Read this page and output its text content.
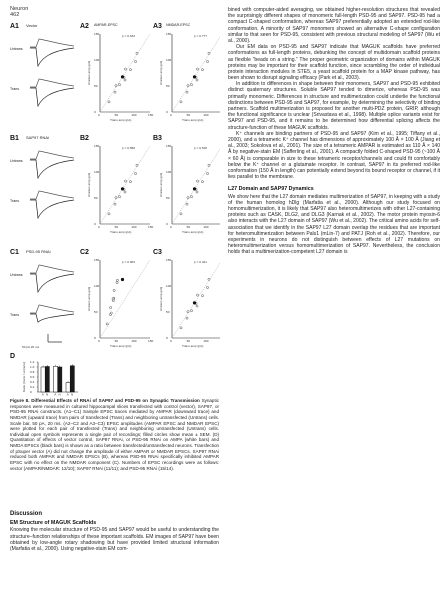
Neuron
462
A1 Vector	A2	A3
AMPAR-EPSC	NMDAR-EPSC
Untrans
Trans
0
0
50
50
100
100
150
150
Trans amp (pA)
Untrans amp (pA)
p = 0.182
0
0
50
50
100
100
150
Trans amp (pA)
Untrans amp (pA)
p = 0.777
B1 SAP97 RNAi	B2	B3
Untrans
Trans
0
0
50
50
100
100
150
150
Trans amp (pA)
Untrans amp (pA)
p = 0.558
0
0
50
50
100
100
150
Trans amp (pA)
Untrans amp (pA)
p = 0.518
C1 PSD-95 RNAi	C2	C3
Untrans
Trans
0
0
50
50
100
100
150
150
Trans amp (pA)
Untrans amp (pA)
p = 0.003
0
0
50
50
100
100
150
Trans amp (pA)
Untrans amp (pA)
p = 0.441
50 pA 20 ms
D
0
0.2
0.4
0.6
0.8
1.0
1.2
Ratio (trans / untrans)
A N A N A N
Figure 8. Differential Effects of RNAi of SAP97 and PSD-95 on Synaptic Transmission Synaptic responses were measured in cultured hippocampal slices transfected with control (vector), SAP97, or PSD-95 RNAi constructs. (A1–C1) Sample EPSC traces mediated by AMPAR (downward trace) and NMDAR (upward trace) from pairs of transfected (Trans) and neighboring untransfected (Untrans) cells. Scale bar, 50 pA, 20 ms. (A2–C2 and A3–C3) EPSC amplitudes (AMPAR EPSC and NMDAR EPSC) were plotted for each pair of transfected (Trans) and neighboring untransfected (Untrans) cells. Individual open symbols represents a single pair of recordings; filled circles show mean ± SEM. (D) Quantitation of effects of vector control, SAP97 RNAi, or PSD-95 RNAi on AMPA (white bars) and NMDA EPSCs (black bars) is shown as a ratio between transfected/untransfected neurons. Transfection of pSuper vector (A) did not change the amplitude of either AMPAR or NMDAR EPSCs. SAP97 RNAi reduced both AMPAR and NMDAR EPSCs (B), whereas PSD-95 RNAi specifically inhibited AMPAR EPSC with no effect on the NMDAR component (C). Numbers of EPSC recordings were as follows: vector (AMPAR/NMDAR: 12/10); SAP97 RNAi (11/11); and PSD-95 RNAi (15/14).
Discussion
EM Structure of MAGUK Scaffolds

Knowing the molecular structure of PSD-95 and SAP97 would be useful to understanding the structure–function relationships of these important scaffolds. EM images of SAP97 have been obtained by low-angle rotary shadowing but have provided limited structural information (Marfatia et al., 2000). Using negative-stain EM com-

bined with computer-aided averaging, we obtained higher-resolution structures that revealed the surprisingly different shapes of monomeric full-length PSD-95 and SAP97. PSD-95 had a compact C-shaped conformation, whereas SAP97 preferentially adopted an extended rod-like conformation. A minority of SAP97 monomers showed an alternative C-shape configuration similar to that seen for PSD-95, consistent with previous structural modeling of SAP97 (Wu et al., 2000).

Our EM data on PSD-95 and SAP97 indicate that MAGUK scaffolds have preferred conformations as full-length proteins, debunking the concept of multidomain scaffold proteins as flexible “beads on a string.” The proper geometric organization of domains within MAGUK proteins may be important for their scaffold function, since scrambling the order of individual protein interaction modules in STE5, a yeast scaffold protein for a MAP kinase pathway, has been shown to disrupt signaling efficacy (Park et al., 2003).

In addition to differences in shape between their monomers, SAP97 and PSD-95 exhibited distinct quaternary structures. Soluble SAP97 tended to dimerize, whereas PSD-95 was primarily monomeric. Differences in structure and multimerization could underlie the functional distinctions between PSD-95 and SAP97, for example, by determining the selectivity of binding partners. Scaffold multimerization is proposed for another multi-PDZ protein, GRIP, although the functional significance is unclear (Srivastava et al., 1998). Multiple splice variants exist for SAP97 and PSD-95, and it remains to be determined how differential splicing affects the structure-function of these MAGUK scaffolds.

K⁺ channels are binding partners of PSD-95 and SAP97 (Kim et al., 1995; Tiffany et al., 2000), and a tetrameric K⁺ channel has dimensions of approximately 100 Å × 100 Å (Jiang et al., 2003; Sokolova et al., 2001). The size of a tetrameric AMPAR is estimated as 110 Å × 140 Å by negative-stain EM (Safferling et al., 2001). A compactly folded C-shaped PSD-95 (~100 Å × 60 Å) is comparable in size to these tetrameric receptor/channels and could fit comfortably below the K⁺ channel or a glutamate receptor. In contrast, SAP97 in its preferred rod-like conformation (150 Å in length) can potentially extend beyond its bound receptor or channel, if it lies parallel to the membrane.

L27 Domain and SAP97 Dynamics

We show here that the L27 domain mediates multimerization of SAP97, in keeping with a study of the human homolog hDlg (Marfatia et al., 2000). Although our study focused on homomultimerization, it is likely that SAP97 also heteromultimerizes with other L27-containing proteins such as CASK, DLG2, and DLG3 (Karnak et al., 2002). The motor protein myosin-6 also interacts with the L27 domain of SAP97 (Wu et al., 2002). The critical amino acids for self-association that we identify in the SAP97 L27 domain overlap the residues that are important for heteromultimerization between Pals1 (mLin-7) and PATJ (Roh et al., 2002). Therefore, our experiments in neurons do not distinguish between effects of L27 mutations on heteromultimerization versus homomultimerization of SAP97. Nevertheless, the conclusion holds that a multimerization-competent L27 domain is
